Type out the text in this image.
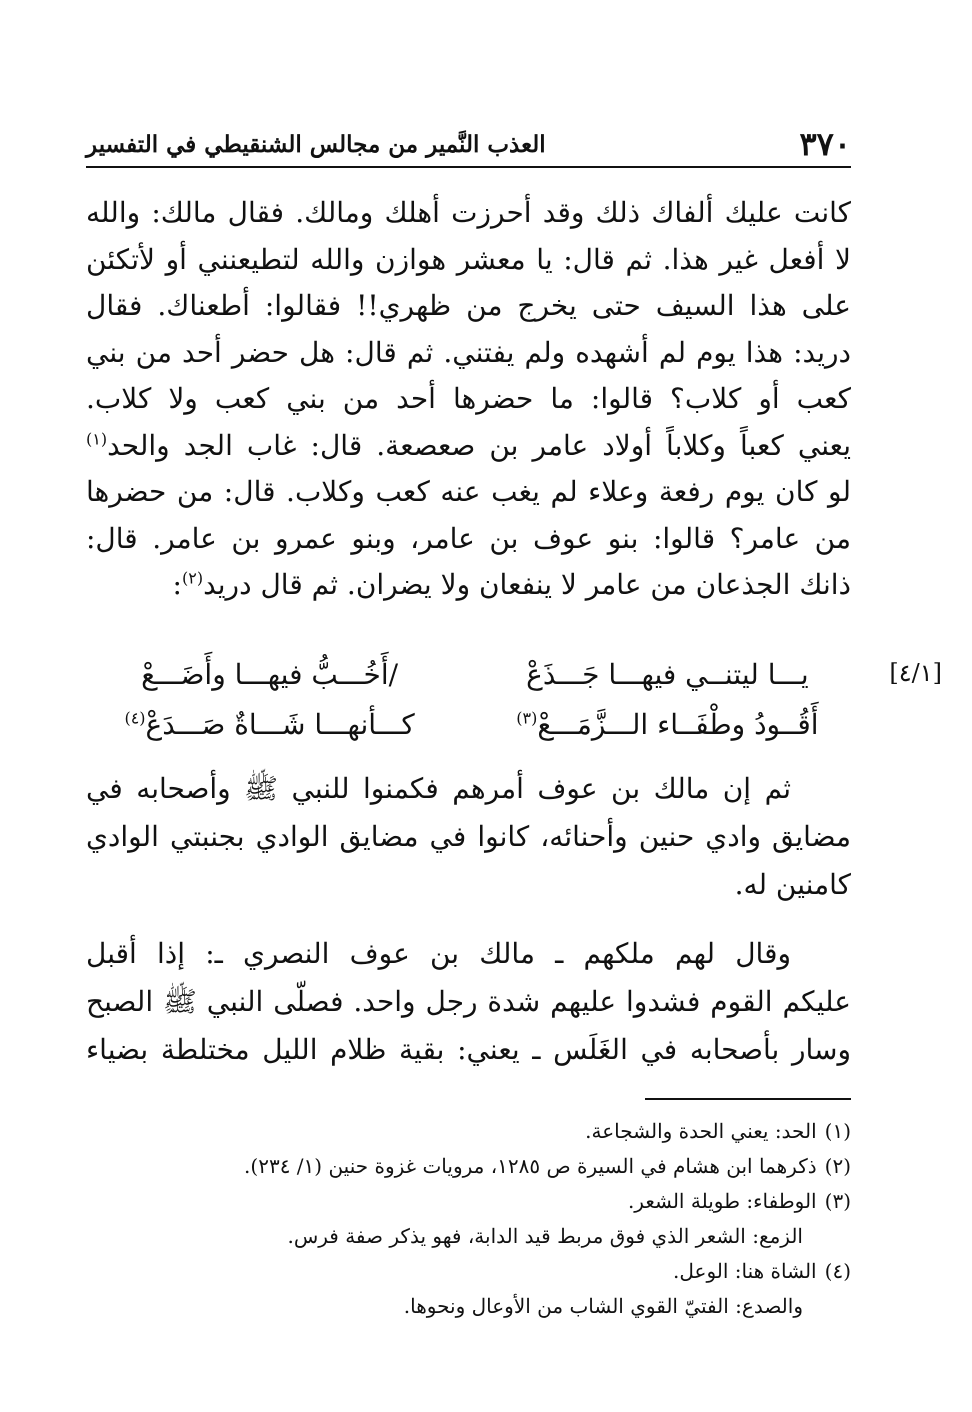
٣٧٠
العذب النَّمير من مجالس الشنقيطي في التفسير
كانت عليك ألفاك ذلك وقد أحرزت أهلك ومالك. فقال مالك: والله
لا أفعل غير هذا. ثم قال: يا معشر هوازن والله لتطيعنني أو لأتكئن
على هذا السيف حتى يخرج من ظهري!! فقالوا: أطعناك. فقال
دريد: هذا يوم لم أشهده ولم يفتني. ثم قال: هل حضر أحد من بني
كعب أو كلاب؟ قالوا: ما حضرها أحد من بني كعب ولا كلاب.
يعني كعباً وكلاباً أولاد عامر بن صعصعة. قال: غاب الجد والحد$^{(١)}$
لو كان يوم رفعة وعلاء لم يغب عنه كعب وكلاب. قال: من حضرها
من عامر؟ قالوا: بنو عوف بن عامر، وبنو عمرو بن عامر. قال:
ذانك الجذعان من عامر لا ينفعان ولا يضران. ثم قال دريد$^{(٢)}$:
[٤/١]
يـــا ليتنــي فيهـــا جَـــذَعْ
/أَخُـــبُّ فيهـــا وأَضَـــعْ
أَقُــودُ وطْفَــاء الـــزَّمَـــعْ$^{(٣)}$
كـــأنهـــا شَـــاةٌ صَـــدَعْ$^{(٤)}$
ثم إن مالك بن عوف أمرهم فكمنوا للنبي ﷺ وأصحابه في
مضايق وادي حنين وأحنائه، كانوا في مضايق الوادي بجنبتي الوادي
كامنين له.
وقال لهم ملكهم ـ مالك بن عوف النصري ـ: إذا أقبل
عليكم القوم فشدوا عليهم شدة رجل واحد. فصلّى النبي ﷺ الصبح
وسار بأصحابه في الغَلَس ـ يعني: بقية ظلام الليل مختلطة بضياء
(١)الحد: يعني الحدة والشجاعة.
(٢)ذكرهما ابن هشام في السيرة ص ١٢٨٥، مرويات غزوة حنين (١/ ٢٣٤).
(٣)الوطفاء: طويلة الشعر.
الزمع: الشعر الذي فوق مربط قيد الدابة، فهو يذكر صفة فرس.
(٤)الشاة هنا: الوعل.
والصدع: الفتيّ القوي الشاب من الأوعال ونحوها.
